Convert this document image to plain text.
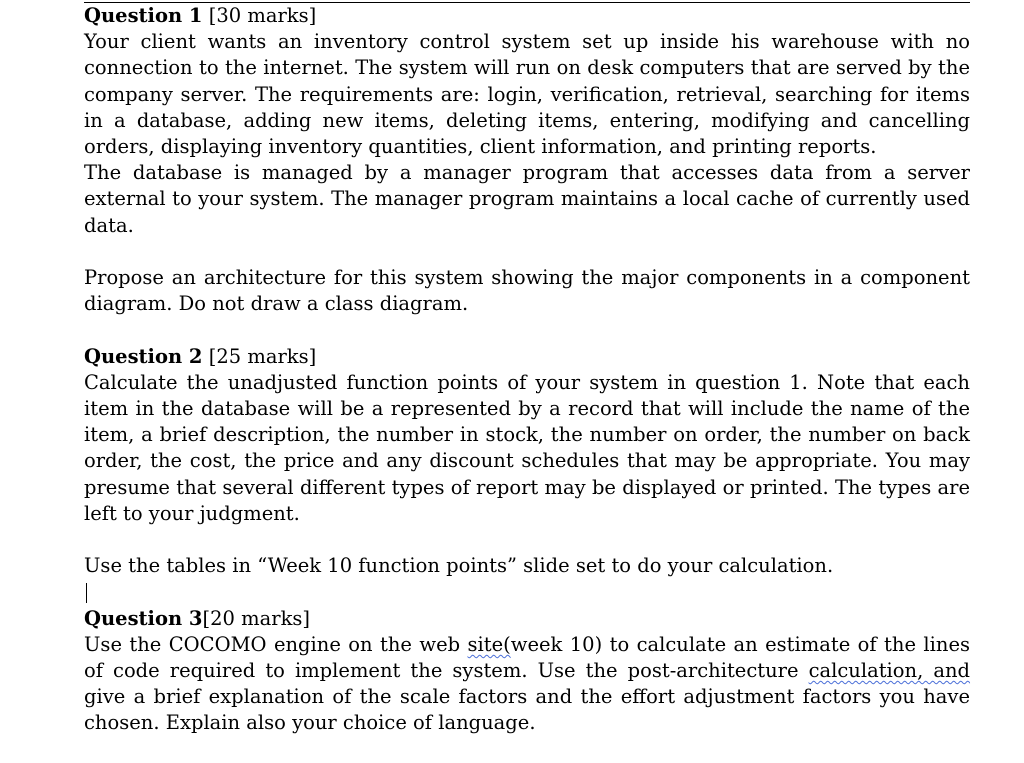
Question 1 [30 marks]
Your client wants an inventory control system set up inside his warehouse with no connection to the internet. The system will run on desk computers that are served by the company server. The requirements are: login, verification, retrieval, searching for items in a database, adding new items, deleting items, entering, modifying and cancelling orders, displaying inventory quantities, client information, and printing reports.
The database is managed by a manager program that accesses data from a server external to your system. The manager program maintains a local cache of currently used data.
Propose an architecture for this system showing the major components in a component diagram. Do not draw a class diagram.
Question 2 [25 marks]
Calculate the unadjusted function points of your system in question 1. Note that each item in the database will be a represented by a record that will include the name of the item, a brief description, the number in stock, the number on order, the number on back order, the cost, the price and any discount schedules that may be appropriate. You may presume that several different types of report may be displayed or printed. The types are left to your judgment.
Use the tables in “Week 10 function points” slide set to do your calculation.
Question 3[20 marks]
Use the COCOMO engine on the web site(week 10) to calculate an estimate of the lines of code required to implement the system. Use the post-architecture calculation, and give a brief explanation of the scale factors and the effort adjustment factors you have chosen. Explain also your choice of language.
